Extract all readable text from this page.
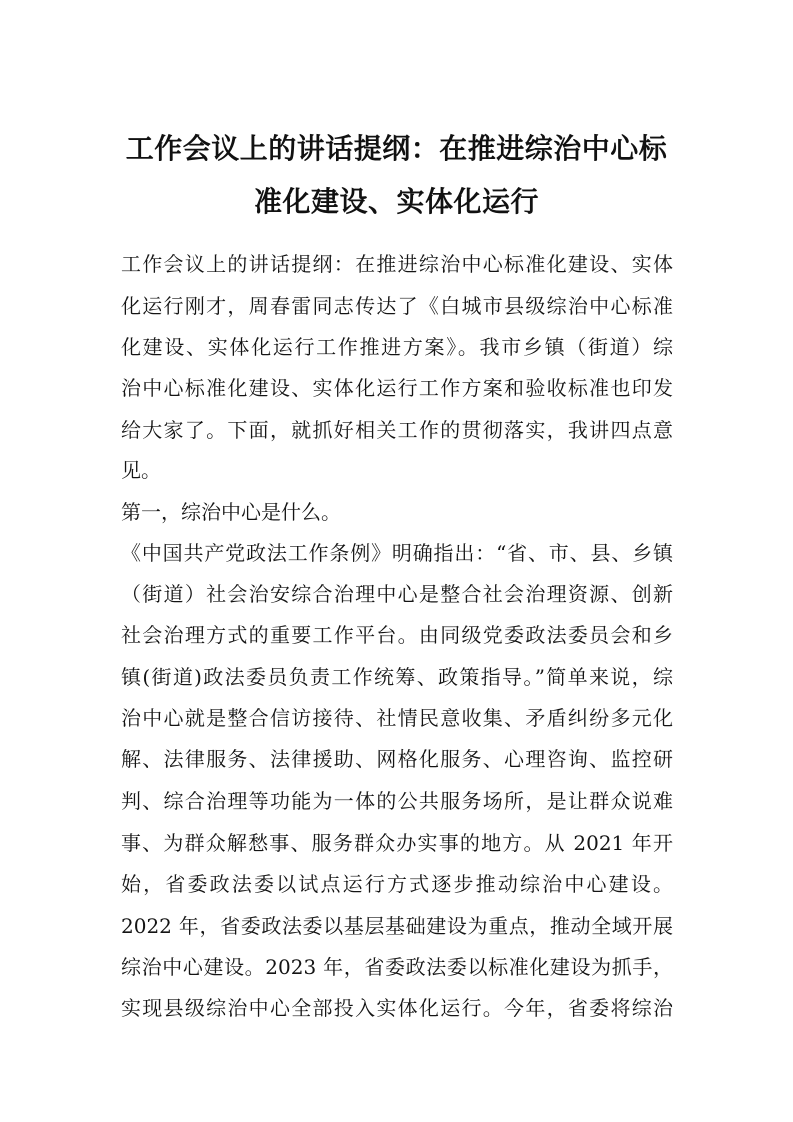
工作会议上的讲话提纲：在推进综治中心标
准化建设、实体化运行

工作会议上的讲话提纲：在推进综治中心标准化建设、实体

化运行刚才，周春雷同志传达了《白城市县级综治中心标准

化建设、实体化运行工作推进方案》。我市乡镇（街道）综

治中心标准化建设、实体化运行工作方案和验收标准也印发

给大家了。下面，就抓好相关工作的贯彻落实，我讲四点意

见。

第一，综治中心是什么。

《中国共产党政法工作条例》明确指出：“省、市、县、乡镇

（街道）社会治安综合治理中心是整合社会治理资源、创新

社会治理方式的重要工作平台。由同级党委政法委员会和乡

镇(街道)政法委员负责工作统筹、政策指导。”简单来说，综

治中心就是整合信访接待、社情民意收集、矛盾纠纷多元化

解、法律服务、法律援助、网格化服务、心理咨询、监控研

判、综合治理等功能为一体的公共服务场所，是让群众说难

事、为群众解愁事、服务群众办实事的地方。从 2021 年开

始，省委政法委以试点运行方式逐步推动综治中心建设。

2022 年，省委政法委以基层基础建设为重点，推动全域开展

综治中心建设。2023 年，省委政法委以标准化建设为抓手，

实现县级综治中心全部投入实体化运行。今年，省委将综治
